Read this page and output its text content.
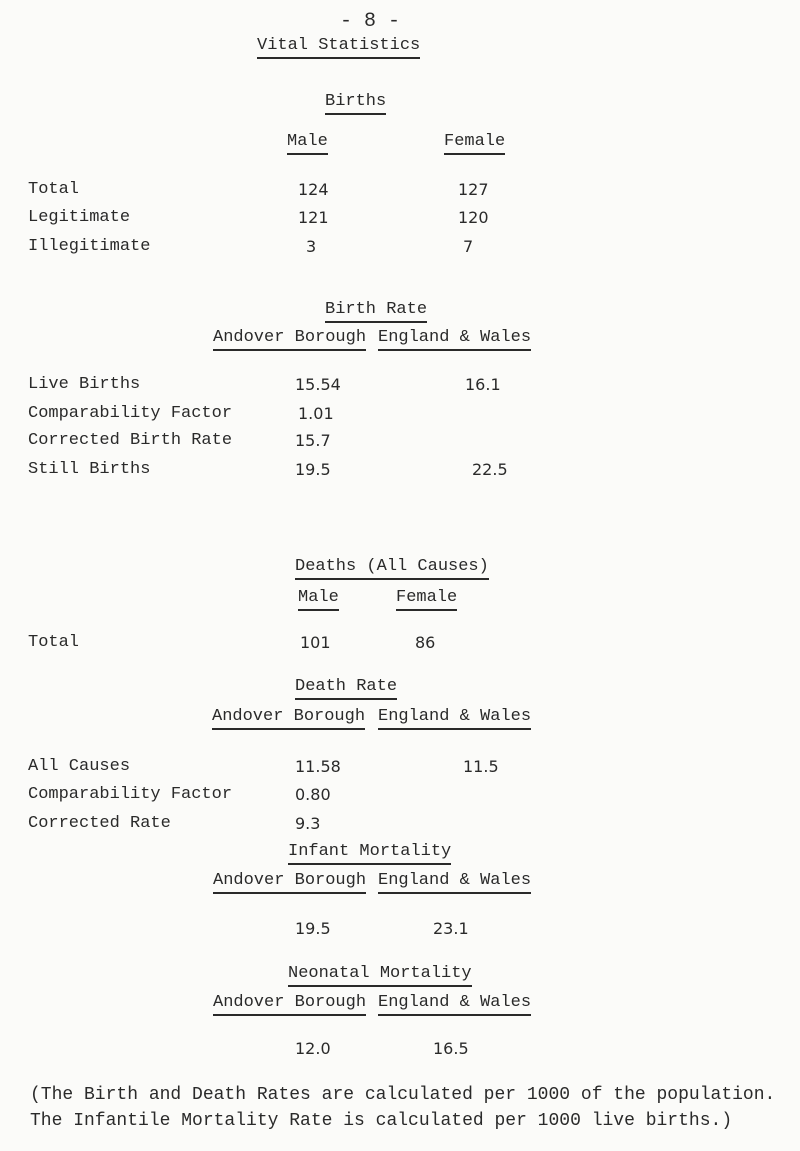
- 8 -
Vital Statistics
Births
Male	Female
Total	124	127
Legitimate	121	120
Illegitimate	3	7
Birth Rate
Andover Borough England & Wales
Live Births	15.54	16.1
Comparability Factor	1.01
Corrected Birth Rate	15.7
Still Births	19.5	22.5
Deaths (All Causes)
Male	Female
Total	101	86
Death Rate
Andover Borough England & Wales
All Causes	11.58	11.5
Comparability Factor	0.80
Corrected Rate	9.3
Infant Mortality
Andover Borough England & Wales
19.5	23.1
Neonatal Mortality
Andover Borough England & Wales
12.0	16.5
(The Birth and Death Rates are calculated per 1000 of the population.
The Infantile Mortality Rate is calculated per 1000 live births.)
